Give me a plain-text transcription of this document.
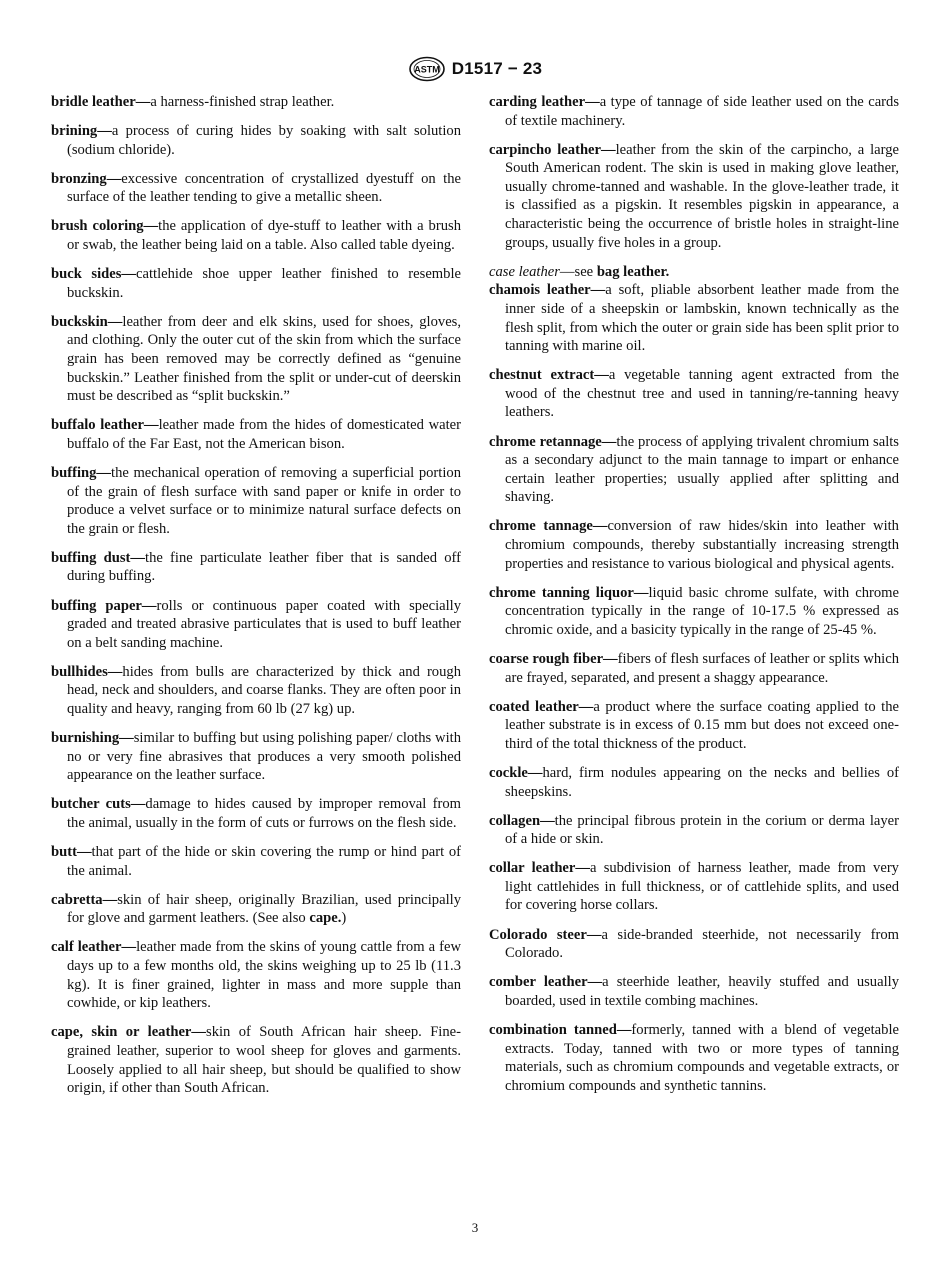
ASTM D1517 − 23

bridle leather—a harness-finished strap leather.

brining—a process of curing hides by soaking with salt solution (sodium chloride).

bronzing—excessive concentration of crystallized dyestuff on the surface of the leather tending to give a metallic sheen.

brush coloring—the application of dye-stuff to leather with a brush or swab, the leather being laid on a table. Also called table dyeing.

buck sides—cattlehide shoe upper leather finished to resemble buckskin.

buckskin—leather from deer and elk skins, used for shoes, gloves, and clothing. Only the outer cut of the skin from which the surface grain has been removed may be correctly defined as “genuine buckskin.” Leather finished from the split or under-cut of deerskin must be described as “split buckskin.”

buffalo leather—leather made from the hides of domesticated water buffalo of the Far East, not the American bison.

buffing—the mechanical operation of removing a superficial portion of the grain of flesh surface with sand paper or knife in order to produce a velvet surface or to minimize natural surface defects on the grain or flesh.

buffing dust—the fine particulate leather fiber that is sanded off during buffing.

buffing paper—rolls or continuous paper coated with specially graded and treated abrasive particulates that is used to buff leather on a belt sanding machine.

bullhides—hides from bulls are characterized by thick and rough head, neck and shoulders, and coarse flanks. They are often poor in quality and heavy, ranging from 60 lb (27 kg) up.

burnishing—similar to buffing but using polishing paper/ cloths with no or very fine abrasives that produces a very smooth polished appearance on the leather surface.

butcher cuts—damage to hides caused by improper removal from the animal, usually in the form of cuts or furrows on the flesh side.

butt—that part of the hide or skin covering the rump or hind part of the animal.

cabretta—skin of hair sheep, originally Brazilian, used principally for glove and garment leathers. (See also cape.)

calf leather—leather made from the skins of young cattle from a few days up to a few months old, the skins weighing up to 25 lb (11.3 kg). It is finer grained, lighter in mass and more supple than cowhide, or kip leathers.

cape, skin or leather—skin of South African hair sheep. Fine-grained leather, superior to wool sheep for gloves and garments. Loosely applied to all hair sheep, but should be qualified to show origin, if other than South African.

carding leather—a type of tannage of side leather used on the cards of textile machinery.

carpincho leather—leather from the skin of the carpincho, a large South American rodent. The skin is used in making glove leather, usually chrome-tanned and washable. In the glove-leather trade, it is classified as a pigskin. It resembles pigskin in appearance, a characteristic being the occurrence of bristle holes in straight-line groups, usually five holes in a group.

case leather—see bag leather.

chamois leather—a soft, pliable absorbent leather made from the inner side of a sheepskin or lambskin, known technically as the flesh split, from which the outer or grain side has been split prior to tanning with marine oil.

chestnut extract—a vegetable tanning agent extracted from the wood of the chestnut tree and used in tanning/re-tanning heavy leathers.

chrome retannage—the process of applying trivalent chromium salts as a secondary adjunct to the main tannage to impart or enhance certain leather properties; usually applied after splitting and shaving.

chrome tannage—conversion of raw hides/skin into leather with chromium compounds, thereby substantially increasing strength properties and resistance to various biological and physical agents.

chrome tanning liquor—liquid basic chrome sulfate, with chrome concentration typically in the range of 10-17.5 % expressed as chromic oxide, and a basicity typically in the range of 25-45 %.

coarse rough fiber—fibers of flesh surfaces of leather or splits which are frayed, separated, and present a shaggy appearance.

coated leather—a product where the surface coating applied to the leather substrate is in excess of 0.15 mm but does not exceed one-third of the total thickness of the product.

cockle—hard, firm nodules appearing on the necks and bellies of sheepskins.

collagen—the principal fibrous protein in the corium or derma layer of a hide or skin.

collar leather—a subdivision of harness leather, made from very light cattlehides in full thickness, or of cattlehide splits, and used for covering horse collars.

Colorado steer—a side-branded steerhide, not necessarily from Colorado.

comber leather—a steerhide leather, heavily stuffed and usually boarded, used in textile combing machines.

combination tanned—formerly, tanned with a blend of vegetable extracts. Today, tanned with two or more types of tanning materials, such as chromium compounds and vegetable extracts, or chromium compounds and synthetic tannins.

3
